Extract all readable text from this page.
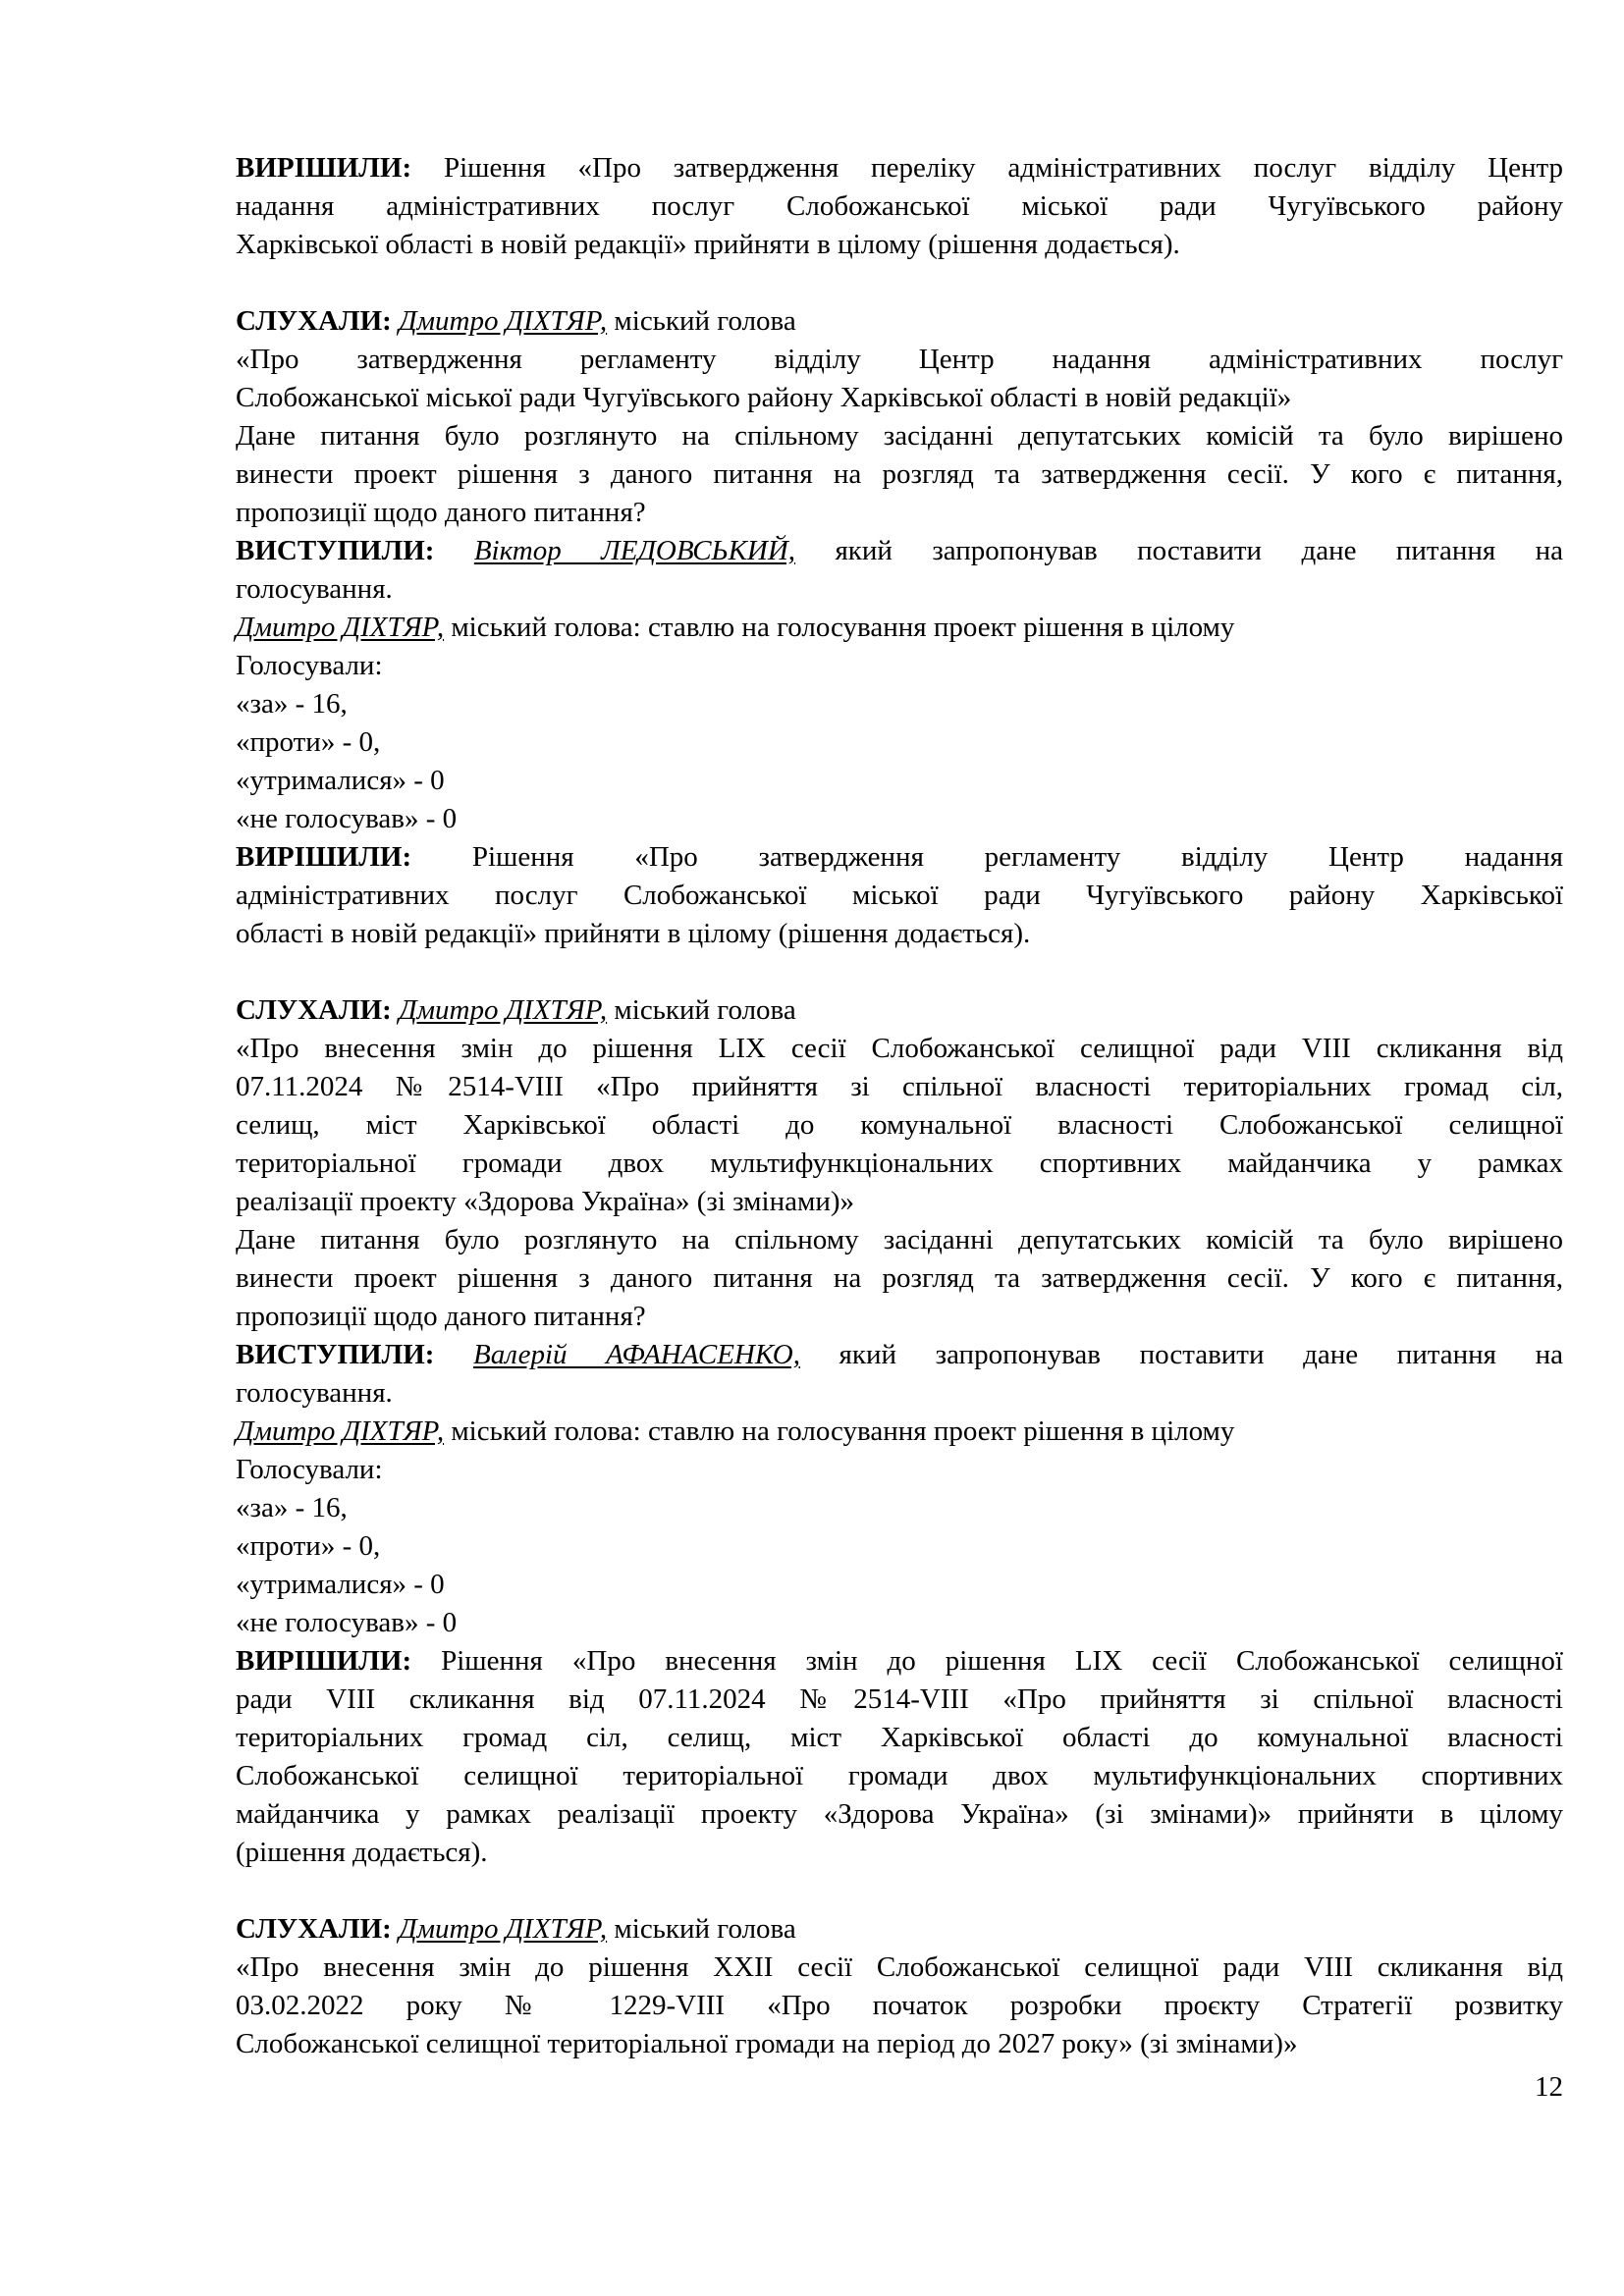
ВИРІШИЛИ: Рішення «Про затвердження переліку адміністративних послуг відділу Центр

надання адміністративних послуг Слобожанської міської ради Чугуївського району

Харківської області в новій редакції» прийняти в цілому (рішення додається).

СЛУХАЛИ: Дмитро ДІХТЯР, міський голова

«Про затвердження регламенту відділу Центр надання адміністративних послуг

Слобожанської міської ради Чугуївського району Харківської області в новій редакції»

Дане питання було розглянуто на спільному засіданні депутатських комісій та було вирішено

винести проект рішення з даного питання на розгляд та затвердження сесії. У кого є питання,

пропозиції щодо даного питання?

ВИСТУПИЛИ: Віктор ЛЕДОВСЬКИЙ, який запропонував поставити дане питання на

голосування.

Дмитро ДІХТЯР, міський голова: ставлю на голосування проект рішення в цілому

Голосували:

«за» - 16,

«проти» - 0,

«утрималися» - 0

«не голосував» - 0

ВИРІШИЛИ: Рішення «Про затвердження регламенту відділу Центр надання

адміністративних послуг Слобожанської міської ради Чугуївського району Харківської

області в новій редакції» прийняти в цілому (рішення додається).

СЛУХАЛИ: Дмитро ДІХТЯР, міський голова

«Про внесення змін до рішення LIX сесії Слобожанської селищної ради VIII скликання від

07.11.2024 №2514-VIII «Про прийняття зі спільної власності територіальних громад сіл,

селищ, міст Харківської області до комунальної власності Слобожанської селищної

територіальної громади двох мультифункціональних спортивних майданчика у рамках

реалізації проекту «Здорова Україна» (зі змінами)»

Дане питання було розглянуто на спільному засіданні депутатських комісій та було вирішено

винести проект рішення з даного питання на розгляд та затвердження сесії. У кого є питання,

пропозиції щодо даного питання?

ВИСТУПИЛИ: Валерій АФАНАСЕНКО, який запропонував поставити дане питання на

голосування.

Дмитро ДІХТЯР, міський голова: ставлю на голосування проект рішення в цілому

Голосували:

«за» - 16,

«проти» - 0,

«утрималися» - 0

«не голосував» - 0

ВИРІШИЛИ: Рішення «Про внесення змін до рішення LIX сесії Слобожанської селищної

ради VIII скликання від 07.11.2024 №2514-VIII «Про прийняття зі спільної власності

територіальних громад сіл, селищ, міст Харківської області до комунальної власності

Слобожанської селищної територіальної громади двох мультифункціональних спортивних

майданчика у рамках реалізації проекту «Здорова Україна» (зі змінами)» прийняти в цілому

(рішення додається).

СЛУХАЛИ: Дмитро ДІХТЯР, міський голова

«Про внесення змін до рішення XXII сесії Слобожанської селищної ради VIII скликання від

03.02.2022 року № 1229-VIII «Про початок розробки проєкту Стратегії розвитку

Слобожанської селищної територіальної громади на період до 2027 року» (зі змінами)»

12
